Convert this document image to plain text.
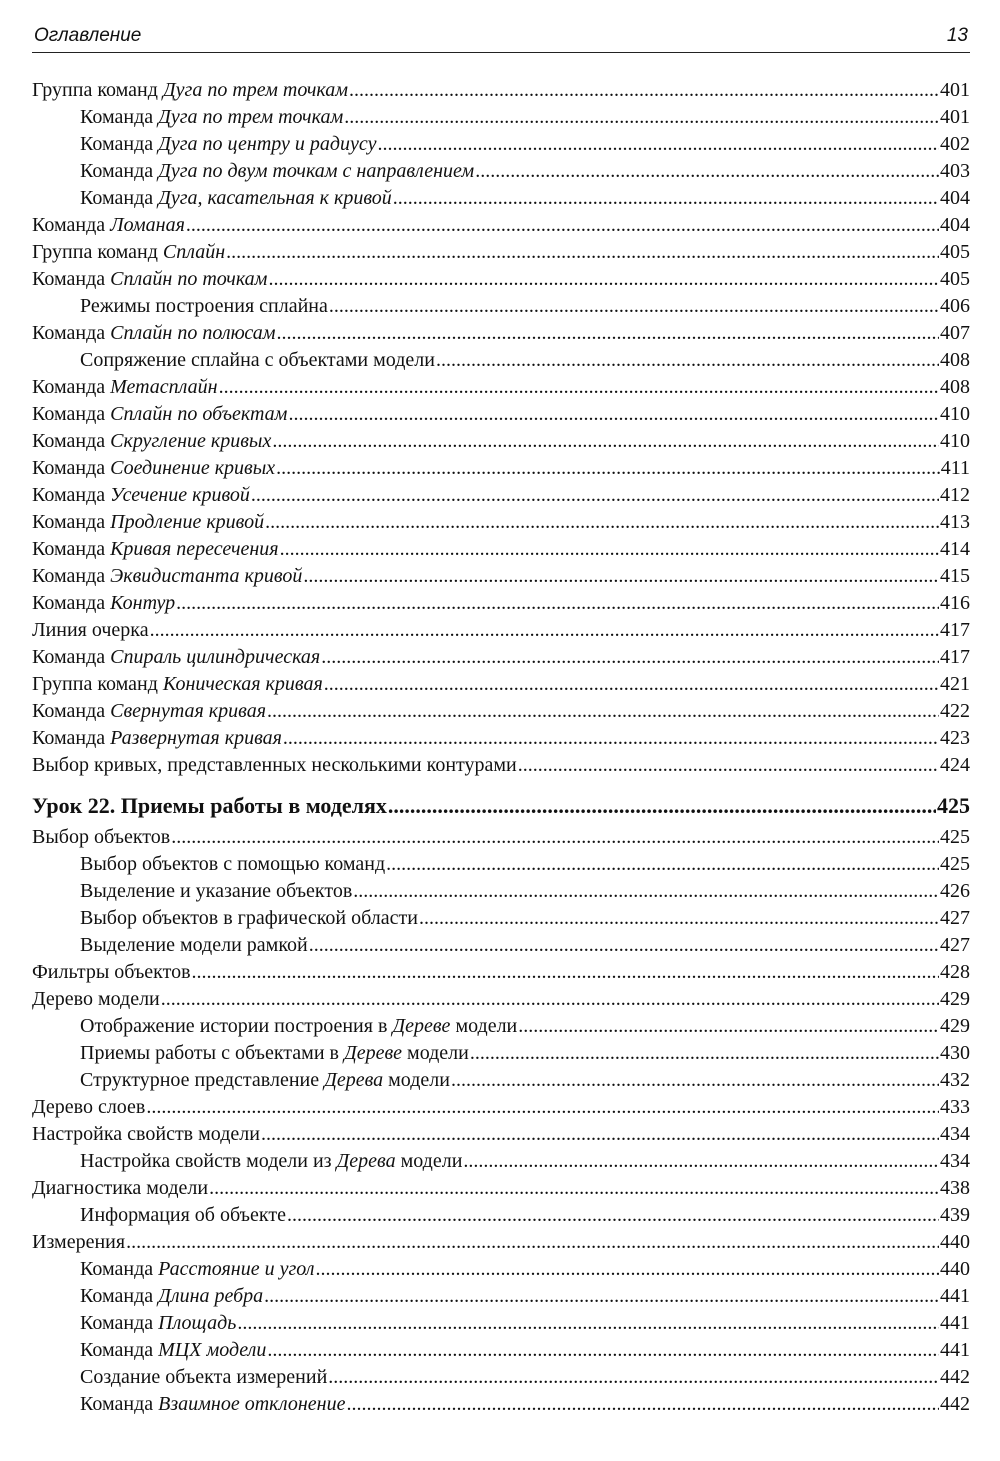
Оглавление	13
Группа команд Дуга по трем точкам .....	401
Команда Дуга по трем точкам .....	401
Команда Дуга по центру и радиусу .....	402
Команда Дуга по двум точкам с направлением .....	403
Команда Дуга, касательная к кривой .....	404
Команда Ломаная .....	404
Группа команд Сплайн .....	405
Команда Сплайн по точкам .....	405
Режимы построения сплайна .....	406
Команда Сплайн по полюсам .....	407
Сопряжение сплайна с объектами модели .....	408
Команда Метасплайн .....	408
Команда Сплайн по объектам .....	410
Команда Скругление кривых .....	410
Команда Соединение кривых .....	411
Команда Усечение кривой .....	412
Команда Продление кривой .....	413
Команда Кривая пересечения .....	414
Команда Эквидистанта кривой .....	415
Команда Контур .....	416
Линия очерка .....	417
Команда Спираль цилиндрическая .....	417
Группа команд Коническая кривая .....	421
Команда Свернутая кривая .....	422
Команда Развернутая кривая .....	423
Выбор кривых, представленных несколькими контурами .....	424
Урок 22. Приемы работы в моделях .....	425
Выбор объектов .....	425
Выбор объектов с помощью команд .....	425
Выделение и указание объектов .....	426
Выбор объектов в графической области .....	427
Выделение модели рамкой .....	427
Фильтры объектов .....	428
Дерево модели .....	429
Отображение истории построения в Дереве модели .....	429
Приемы работы с объектами в Дереве модели .....	430
Структурное представление Дерева модели .....	432
Дерево слоев .....	433
Настройка свойств модели .....	434
Настройка свойств модели из Дерева модели .....	434
Диагностика модели .....	438
Информация об объекте .....	439
Измерения .....	440
Команда Расстояние и угол .....	440
Команда Длина ребра .....	441
Команда Площадь .....	441
Команда МЦХ модели .....	441
Создание объекта измерений .....	442
Команда Взаимное отклонение .....	442
